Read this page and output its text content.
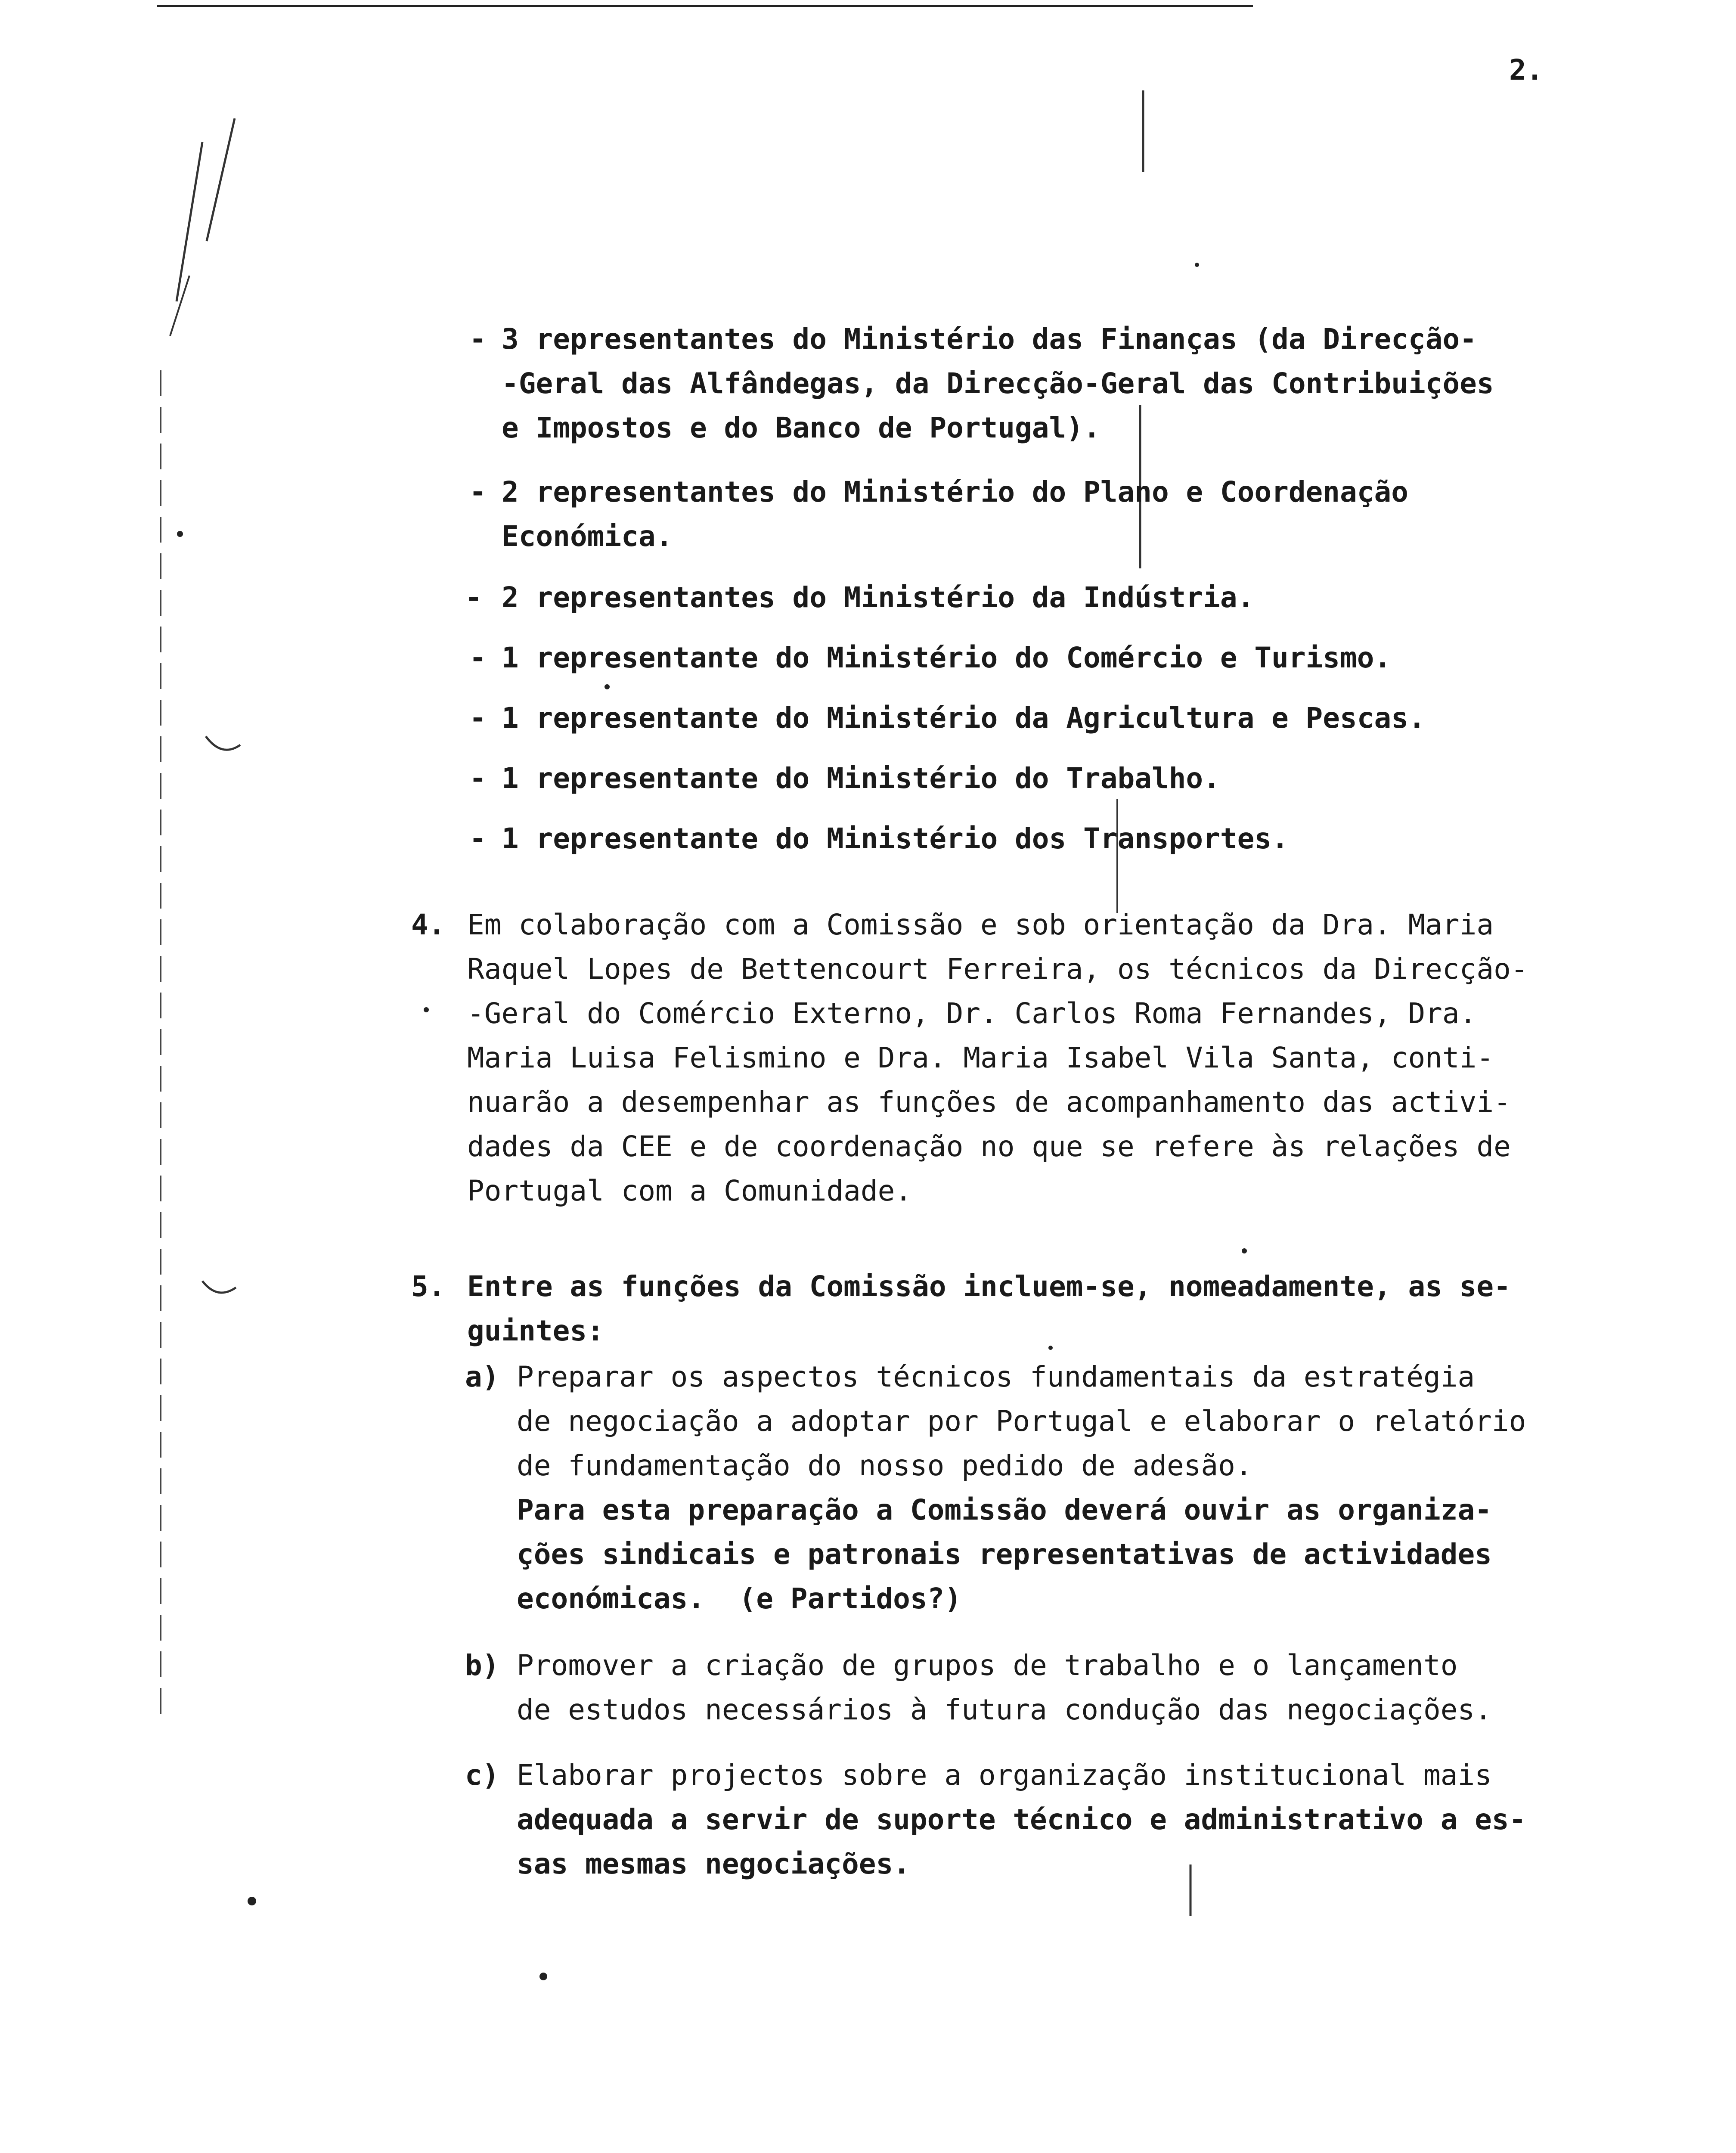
2.
- 3 representantes do Ministério das Finanças (da Direcção-
-Geral das Alfândegas, da Direcção-Geral das Contribuições
e Impostos e do Banco de Portugal).
- 2 representantes do Ministério do Plano e Coordenação
Económica.
- 2 representantes do Ministério da Indústria.
- 1 representante do Ministério do Comércio e Turismo.
- 1 representante do Ministério da Agricultura e Pescas.
- 1 representante do Ministério do Trabalho.
- 1 representante do Ministério dos Transportes.
4. Em colaboração com a Comissão e sob orientação da Dra. Maria
Raquel Lopes de Bettencourt Ferreira, os técnicos da Direcção-
-Geral do Comércio Externo, Dr. Carlos Roma Fernandes, Dra.
Maria Luisa Felismino e Dra. Maria Isabel Vila Santa, conti-
nuarão a desempenhar as funções de acompanhamento das activi-
dades da CEE e de coordenação no que se refere às relações de
Portugal com a Comunidade.
5. Entre as funções da Comissão incluem-se, nomeadamente, as se-
guintes:
a) Preparar os aspectos técnicos fundamentais da estratégia
de negociação a adoptar por Portugal e elaborar o relatório
de fundamentação do nosso pedido de adesão.
Para esta preparação a Comissão deverá ouvir as organiza-
ções sindicais e patronais representativas de actividades
económicas.  (e Partidos?)
b) Promover a criação de grupos de trabalho e o lançamento
de estudos necessários à futura condução das negociações.
c) Elaborar projectos sobre a organização institucional mais
adequada a servir de suporte técnico e administrativo a es-
sas mesmas negociações.
